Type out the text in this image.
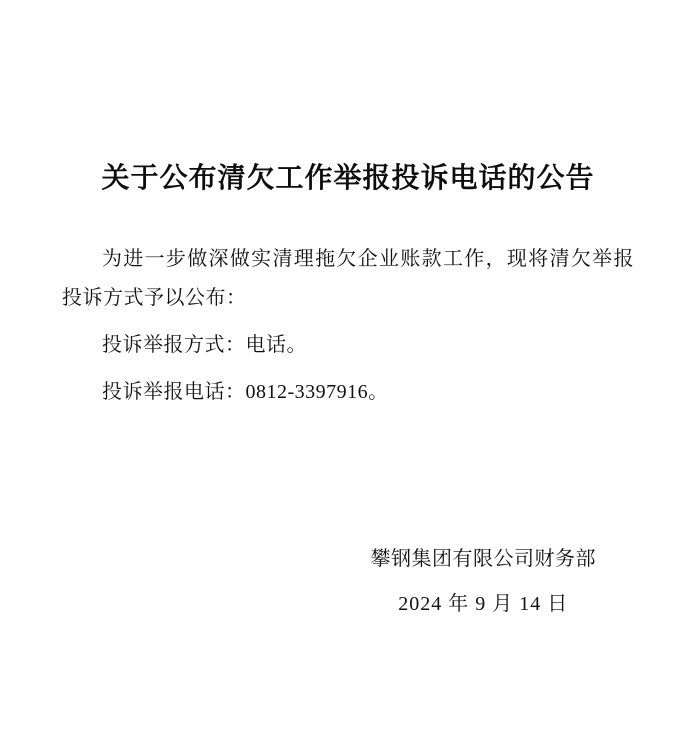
关于公布清欠工作举报投诉电话的公告

为进一步做深做实清理拖欠企业账款工作，现将清欠举报投诉方式予以公布：

投诉举报方式：电话。

投诉举报电话：0812-3397916。

攀钢集团有限公司财务部
2024 年 9 月 14 日
